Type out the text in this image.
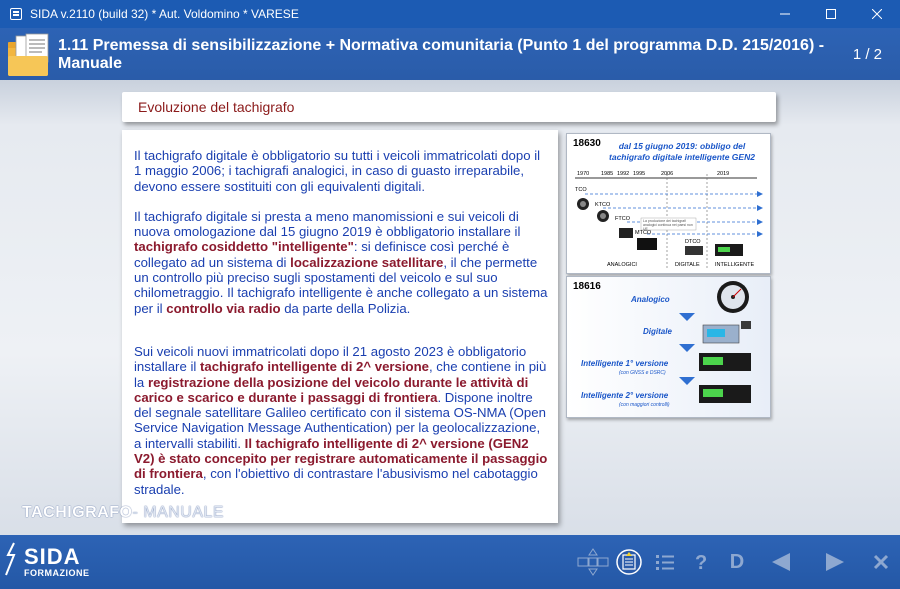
SIDA v.2110 (build 32) * Aut. Voldomino * VARESE
1.11 Premessa di sensibilizzazione + Normativa comunitaria (Punto 1 del programma D.D. 215/2016) - Manuale
1 / 2
Evoluzione del tachigrafo

Il tachigrafo digitale è obbligatorio su tutti i veicoli immatricolati dopo il 1 maggio 2006; i tachigrafi analogici, in caso di guasto irreparabile, devono essere sostituiti con gli equivalenti digitali.

Il tachigrafo digitale si presta a meno manomissioni e sui veicoli di nuova omologazione dal 15 giugno 2019 è obbligatorio installare il tachigrafo cosiddetto "intelligente": si definisce così perché è collegato ad un sistema di localizzazione satellitare, il che permette un controllo più preciso sugli spostamenti del veicolo e sul suo chilometraggio. Il tachigrafo intelligente è anche collegato a un sistema per il controllo via radio da parte della Polizia.

Sui veicoli nuovi immatricolati dopo il 21 agosto 2023 è obbligatorio installare il tachigrafo intelligente di 2^ versione, che contiene in più la registrazione della posizione del veicolo durante le attività di carico e scarico e durante i passaggi di frontiera. Dispone inoltre del segnale satellitare Galileo certificato con il sistema OS-NMA (Open Service Navigation Message Authentication) per la geolocalizzazione, a intervalli stabiliti. Il tachigrafo intelligente di 2^ versione (GEN2 V2) è stato concepito per registrare automaticamente il passaggio di frontiera, con l'obiettivo di contrastare l'abusivismo nel cabotaggio stradale.

TACHIGRAFO- MANUALE
18630	dal 15 giugno 2019: obbligo del tachigrafo digitale intelligente GEN2
1970 1985 1992 1995	2006	2019
TCO
KTCO
FTCO
MTCO
DTCO
La produzione dei tachigrafi analogici continua nei paesi non UE
ANALOGICI	DIGITALE	INTELLIGENTE
18616
Analogico
Digitale
Intelligente 1° versione
(con GNSS e DSRC)
Intelligente 2° versione
(con maggiori controlli)
SIDA
FORMAZIONE	?	D
